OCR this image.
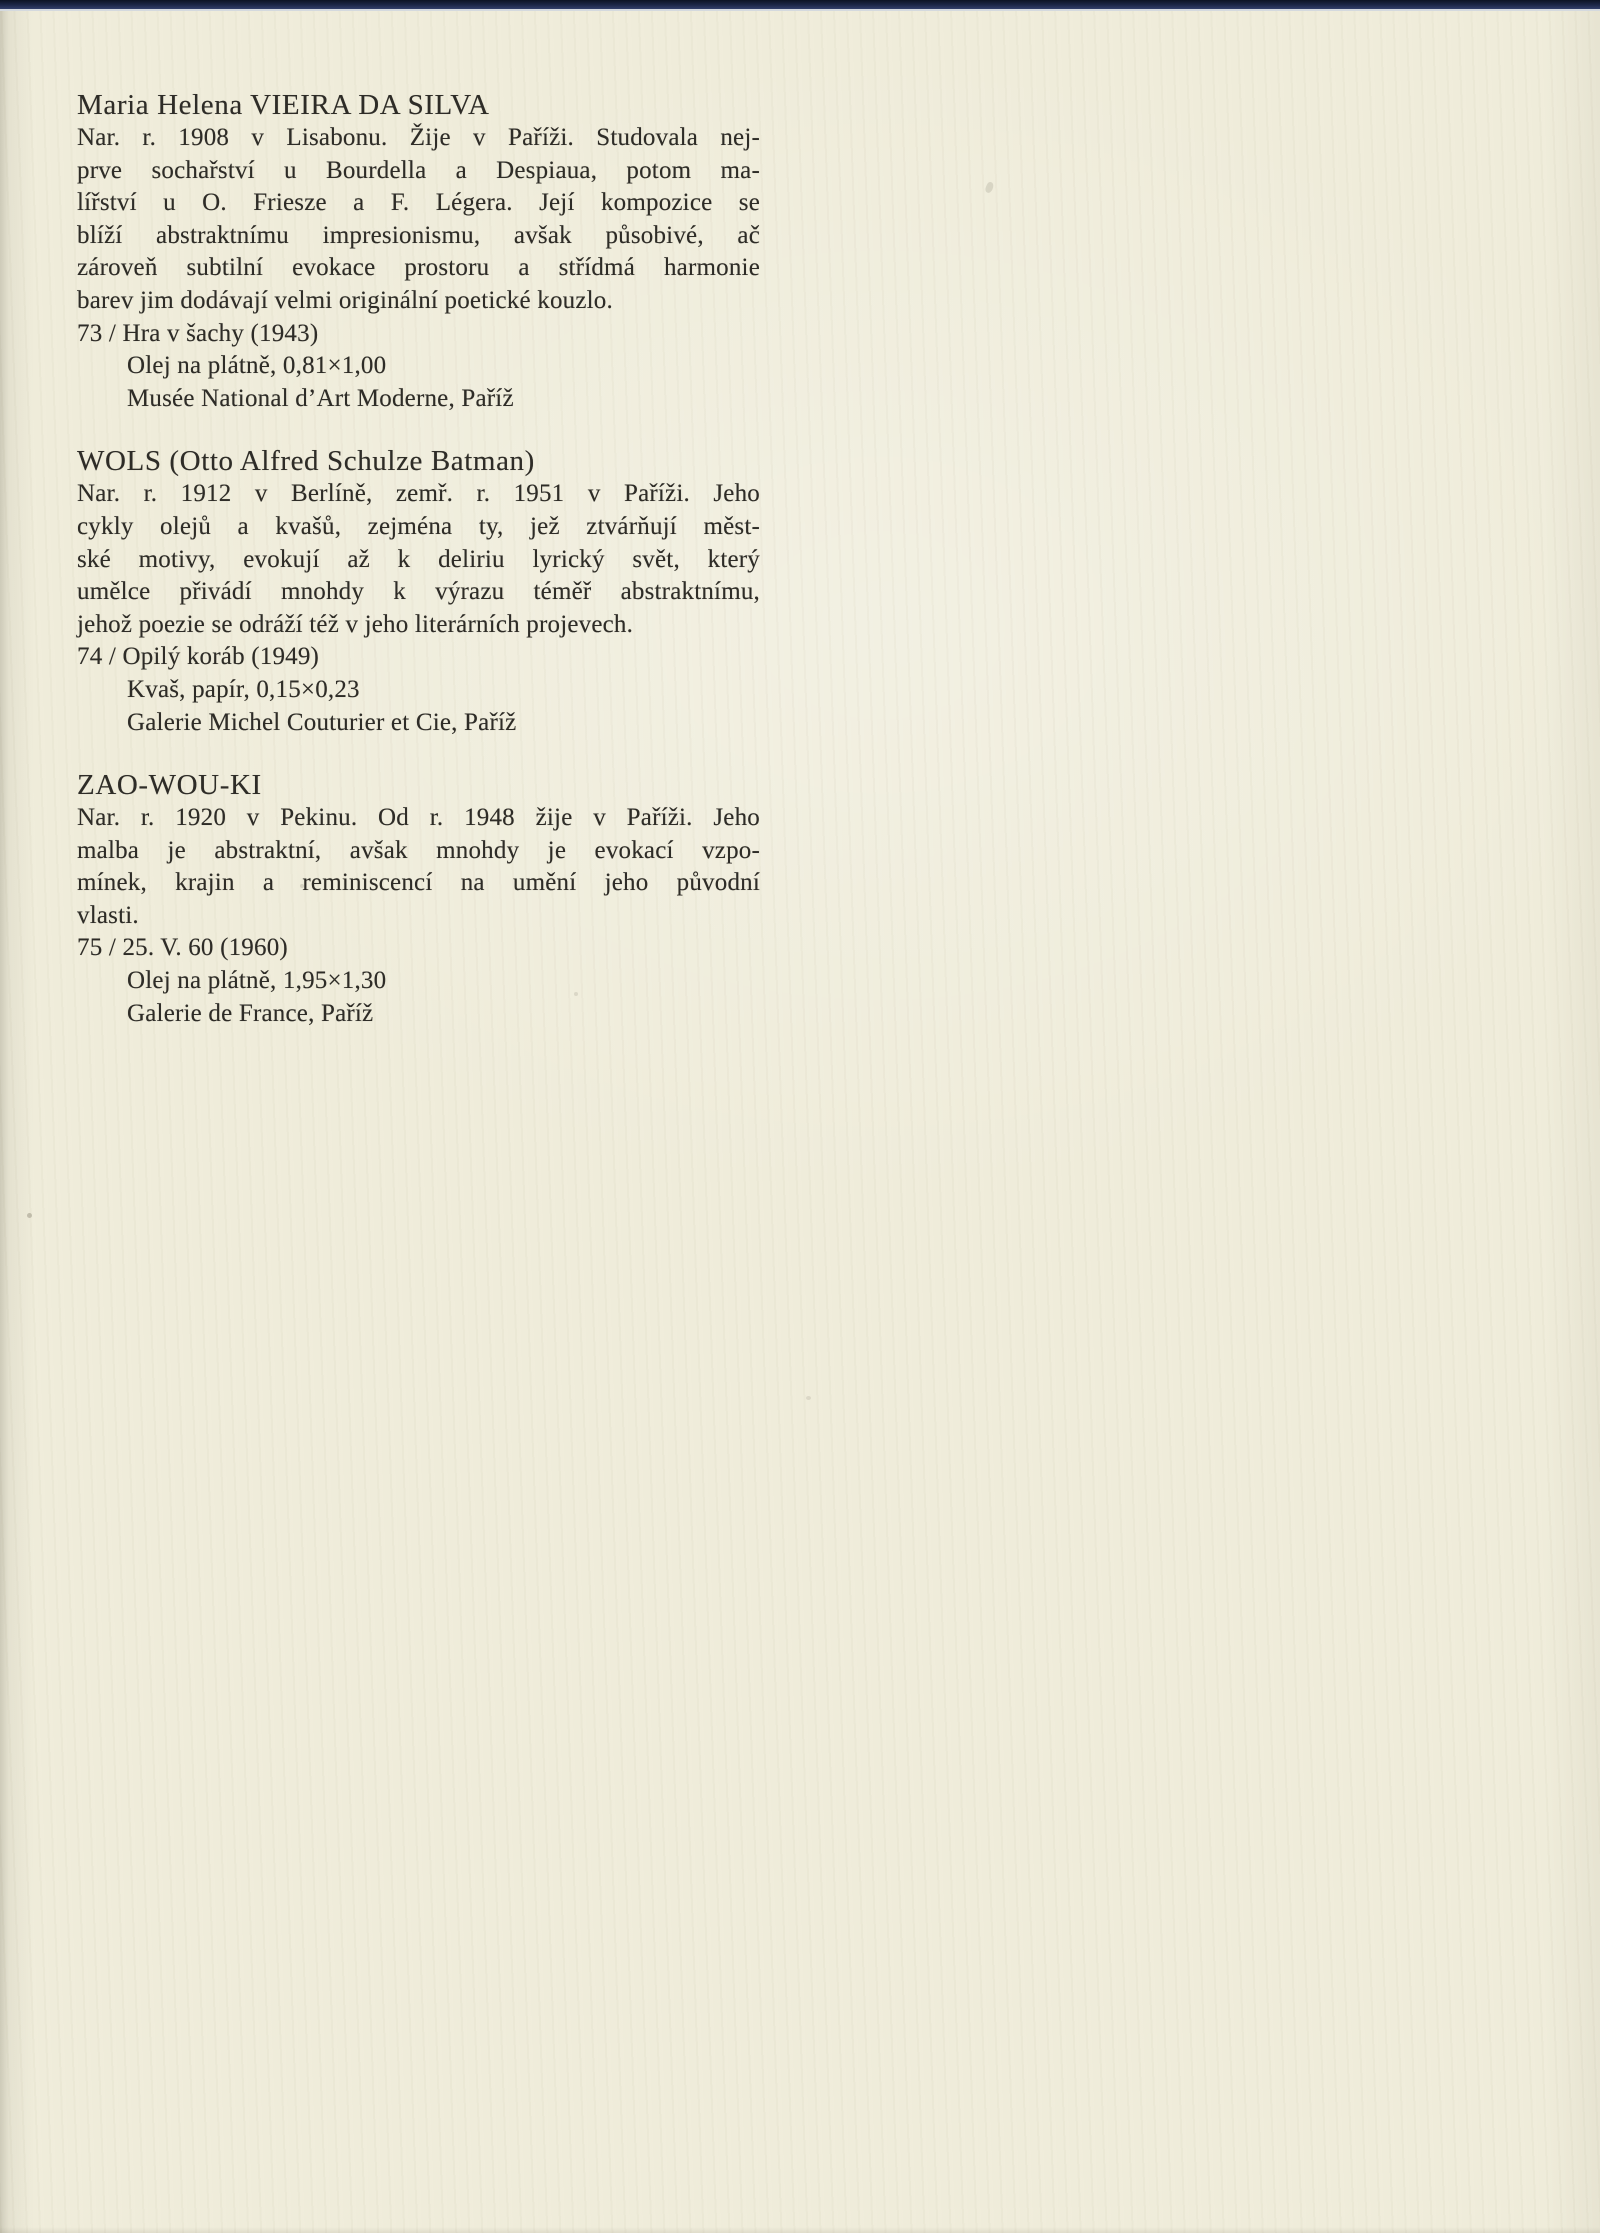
Maria Helena VIEIRA DA SILVA
Nar. r. 1908 v Lisabonu. Žije v Paříži. Studovala nej-
prve sochařství u Bourdella a Despiaua, potom ma-
lířství u O. Friesze a F. Légera. Její kompozice se
blíží abstraktnímu impresionismu, avšak působivé, ač
zároveň subtilní evokace prostoru a střídmá harmonie
barev jim dodávají velmi originální poetické kouzlo.
73 / Hra v šachy (1943)
Olej na plátně, 0,81×1,00
Musée National d’Art Moderne, Paříž
WOLS (Otto Alfred Schulze Batman)
Nar. r. 1912 v Berlíně, zemř. r. 1951 v Paříži. Jeho
cykly olejů a kvašů, zejména ty, jež ztvárňují měst-
ské motivy, evokují až k deliriu lyrický svět, který
umělce přivádí mnohdy k výrazu téměř abstraktnímu,
jehož poezie se odráží též v jeho literárních projevech.
74 / Opilý koráb (1949)
Kvaš, papír, 0,15×0,23
Galerie Michel Couturier et Cie, Paříž
ZAO-WOU-KI
Nar. r. 1920 v Pekinu. Od r. 1948 žije v Paříži. Jeho
malba je abstraktní, avšak mnohdy je evokací vzpo-
mínek, krajin a reminiscencí na umění jeho původní
vlasti.
75 / 25. V. 60 (1960)
Olej na plátně, 1,95×1,30
Galerie de France, Paříž
